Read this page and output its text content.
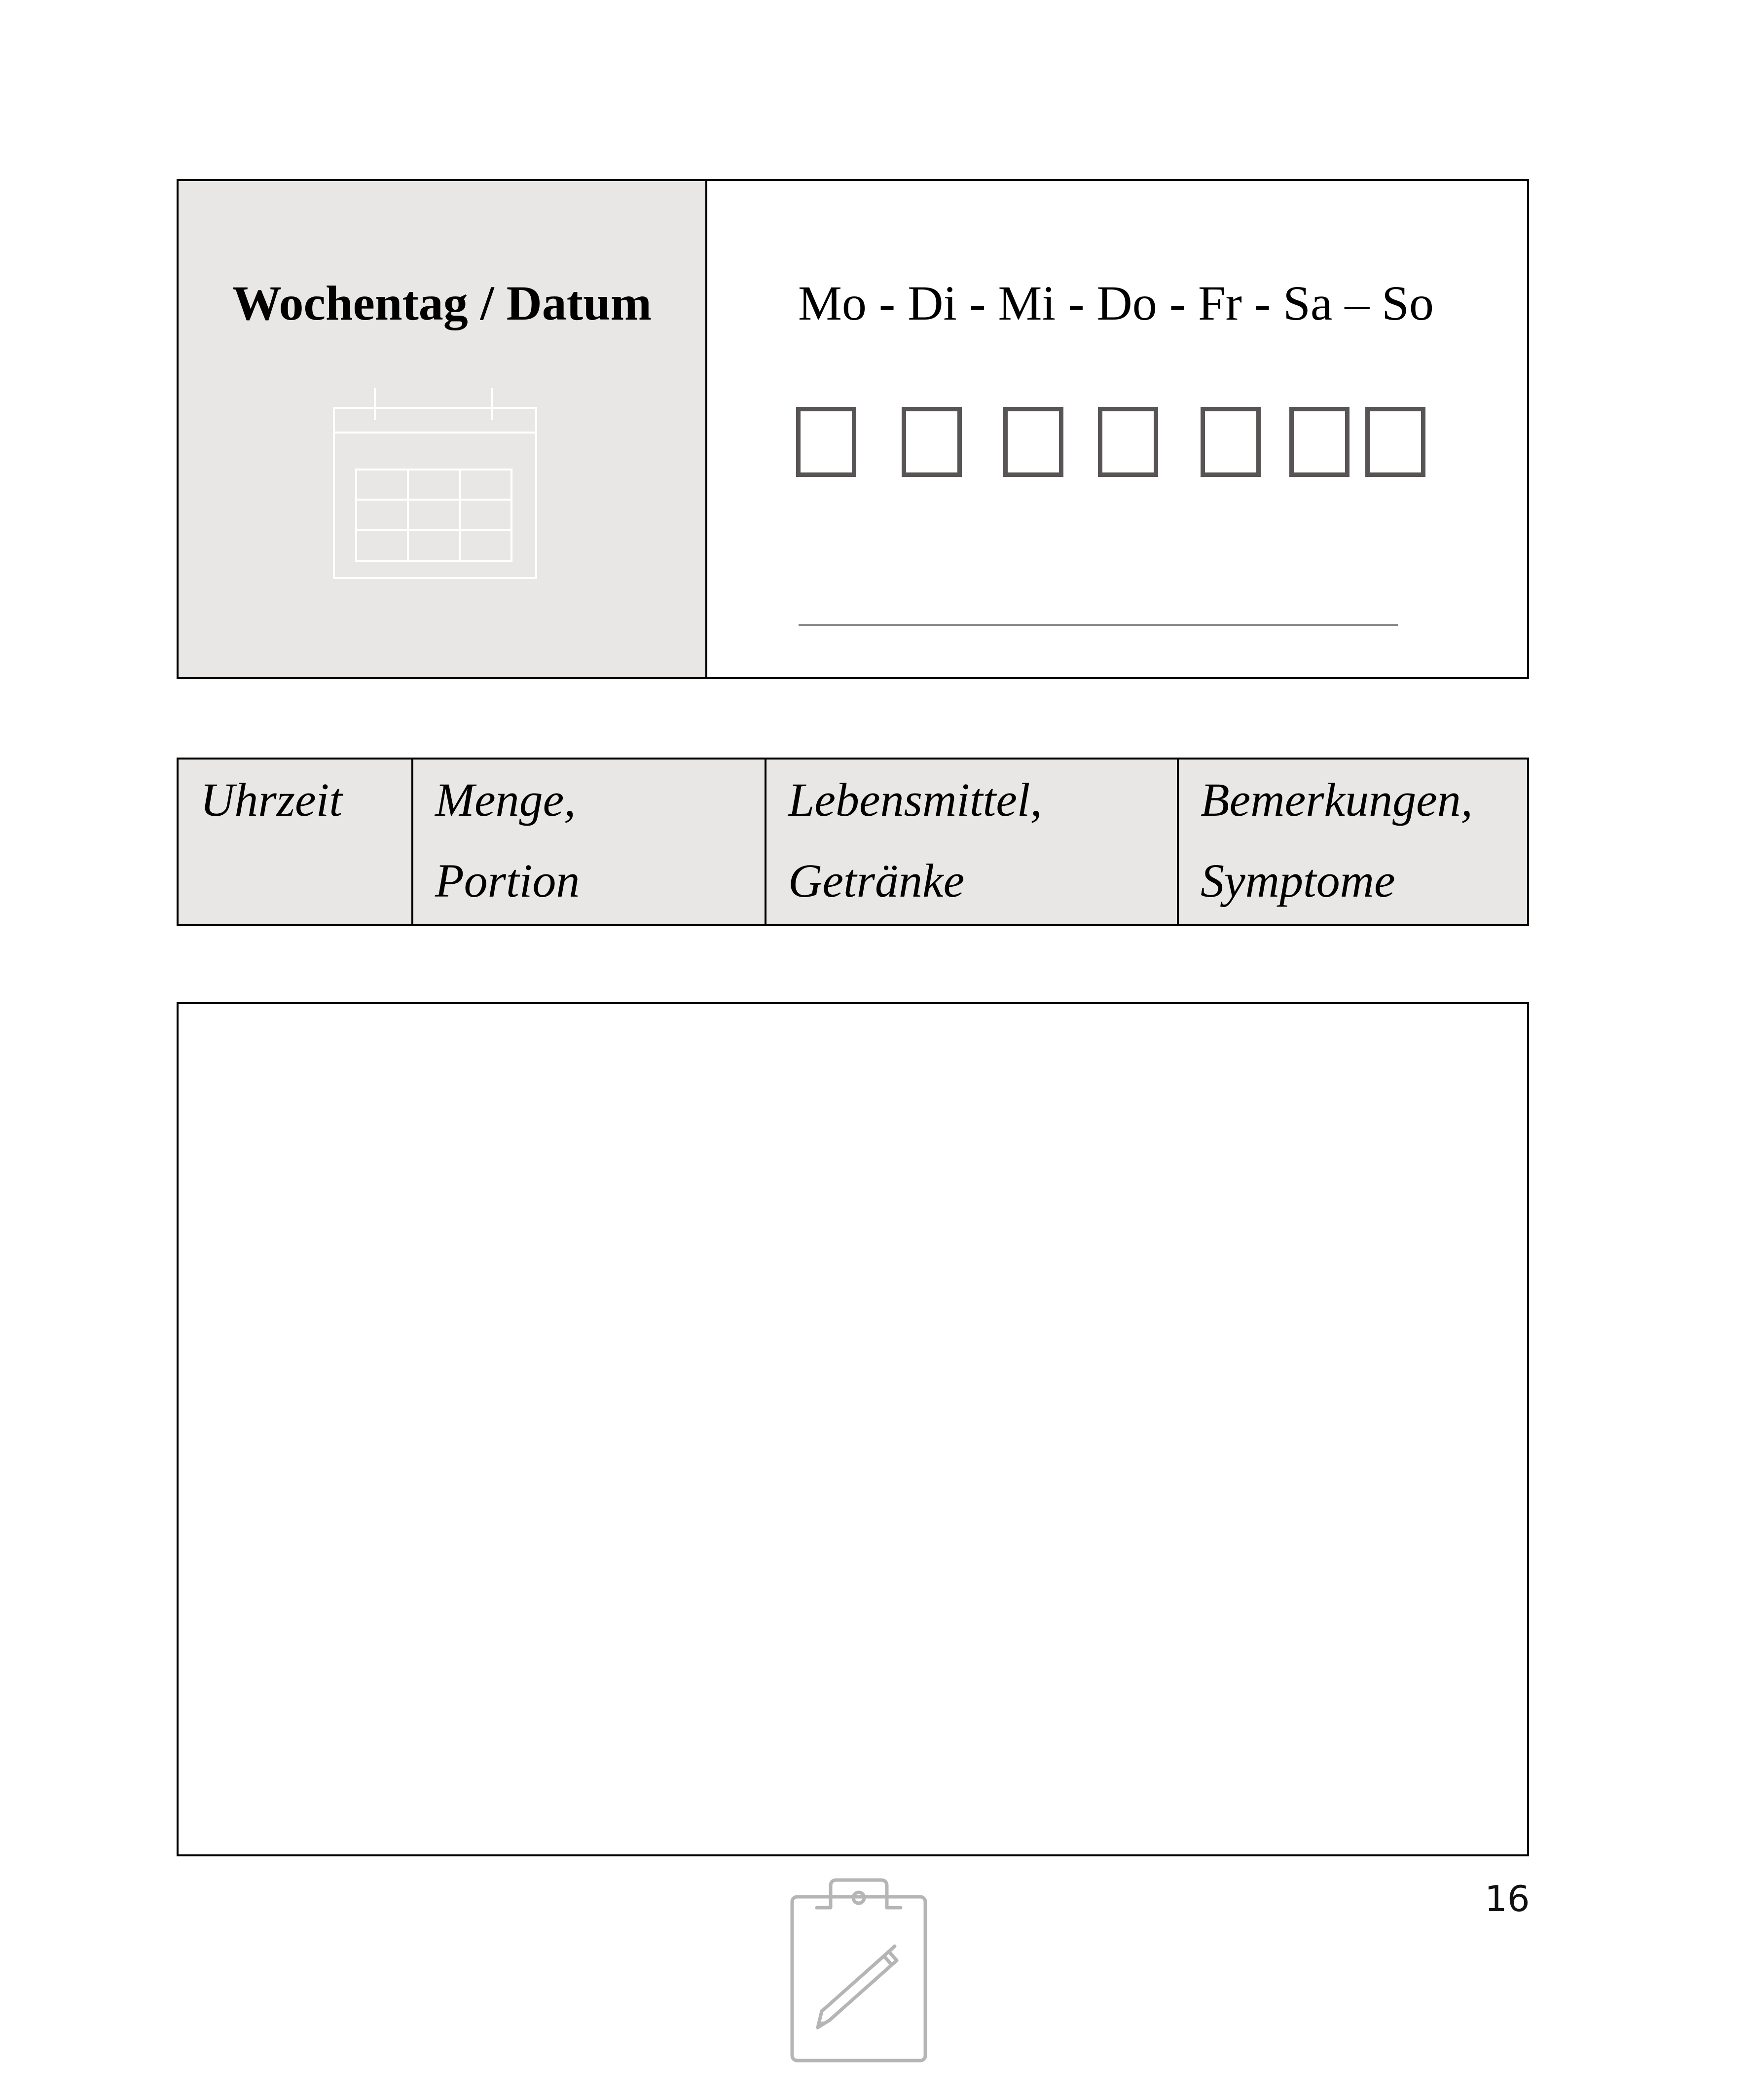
Wochentag / Datum	Mo - Di - Mi - Do - Fr - Sa – So
Uhrzeit	Menge,
Portion
Lebensmittel,
Getränke
Bemerkungen,
Symptome
16
